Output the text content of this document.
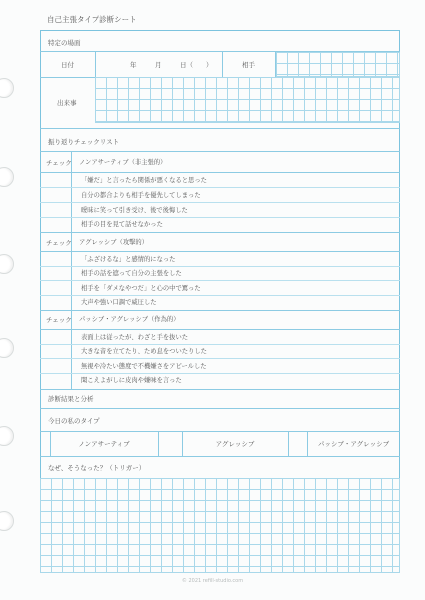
自己主張タイプ診断シート
特定の場面
日付	年	月	日（　　）	相手
出来事
振り返りチェックリスト
チェック ノンアサーティブ（非主張的）
「嫌だ」と言ったら関係が悪くなると思った
自分の都合よりも相手を優先してしまった
曖昧に笑って引き受け、後で後悔した
相手の目を見て話せなかった
チェック アグレッシブ（攻撃的）
「ふざけるな」と感情的になった
相手の話を遮って自分の主張をした
相手を「ダメなやつだ」と心の中で罵った
大声や強い口調で威圧した
チェック パッシブ・アグレッシブ（作為的）
表面上は従ったが、わざと手を抜いた
大きな音を立てたり、ため息をついたりした
無視や冷たい態度で不機嫌さをアピールした
聞こえよがしに皮肉や嫌味を言った
診断結果と分析
今日の私のタイプ
ノンアサーティブ	アグレッシブ	パッシブ・アグレッシブ
なぜ、そうなった？（トリガー）
© 2021 refill-studio.com
